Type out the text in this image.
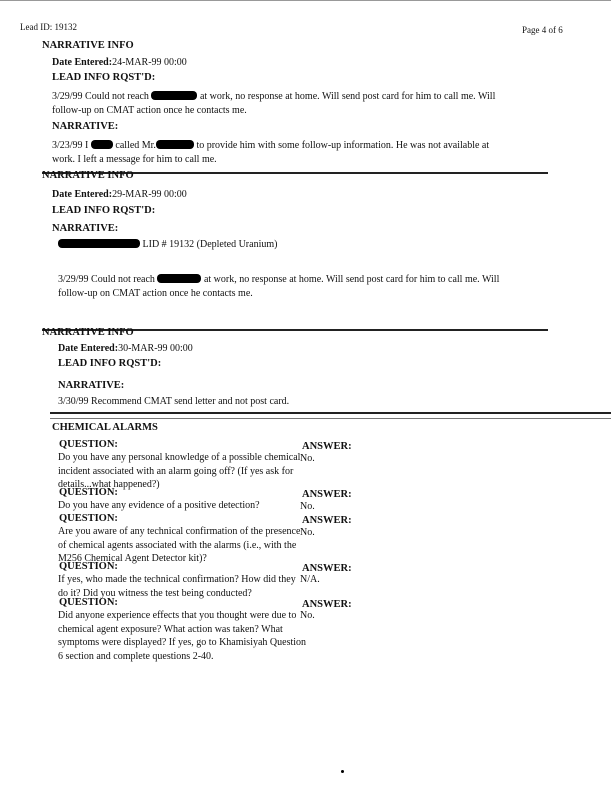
Lead ID: 19132	Page 4 of 6
NARRATIVE INFO
Date Entered:24-MAR-99 00:00
LEAD INFO RQST'D:
3/29/99 Could not reach	at work, no response at home. Will send post card for him to call me. Will
follow-up on CMAT action once he contacts me.
NARRATIVE:
3/23/99 I  called Mr.	to provide him with some follow-up information. He was not available at
work. I left a message for him to call me.
NARRATIVE INFO
Date Entered:29-MAR-99 00:00
LEAD INFO RQST'D:
NARRATIVE:
LID # 19132 (Depleted Uranium)
3/29/99 Could not reach	at work, no response at home. Will send post card for him to call me. Will
follow-up on CMAT action once he contacts me.
NARRATIVE INFO
Date Entered:30-MAR-99 00:00
LEAD INFO RQST'D:
NARRATIVE:
3/30/99 Recommend CMAT send letter and not post card.
CHEMICAL ALARMS
QUESTION:	ANSWER:
Do you have any personal knowledge of a possible chemical incident associated with an alarm going off? (If yes ask for details...what happened?)
No.
QUESTION:	ANSWER:
Do you have any evidence of a positive detection?	No.
QUESTION:	ANSWER:
Are you aware of any technical confirmation of the presence of chemical agents associated with the alarms (i.e., with the M256 Chemical Agent Detector kit)?
No.
QUESTION:	ANSWER:
If yes, who made the technical confirmation? How did they do it? Did you witness the test being conducted?
N/A.
QUESTION:	ANSWER:
Did anyone experience effects that you thought were due to chemical agent exposure? What action was taken? What symptoms were displayed? If yes, go to Khamisiyah Question 6 section and complete questions 2-40.
No.
